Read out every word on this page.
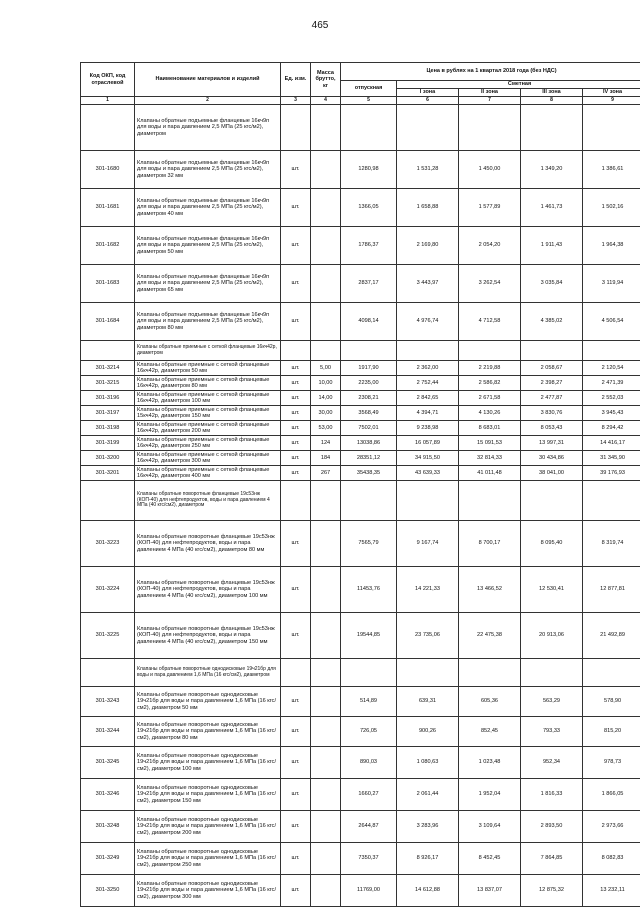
465
Код ОКП, код отраслевой	Наименование материалов и изделий	Ед. изм.	Масса брутто, кг	Цена в рублях на 1 квартал 2018 года (без НДС)				
				отпускная	Сметная			
					I зона	II зона	III зона	IV зона
1	2	3	4	5	6	7	8	9
	Клапаны обратные подъемные фланцевые 16кч9п для воды и пара давлением 2,5 МПа (25 кгс/м2), диаметром							
301-1680	Клапаны обратные подъемные фланцевые 16кч9п для воды и пара давлением 2,5 МПа (25 кгс/м2), диаметром 32 мм	шт.		1280,98	1 531,28	1 450,00	1 349,20	1 386,61
301-1681	Клапаны обратные подъемные фланцевые 16кч9п для воды и пара давлением 2,5 МПа (25 кгс/м2), диаметром 40 мм	шт.		1366,05	1 658,88	1 577,89	1 461,73	1 502,16
301-1682	Клапаны обратные подъемные фланцевые 16кч9п для воды и пара давлением 2,5 МПа (25 кгс/м2), диаметром 50 мм	шт.		1786,37	2 169,80	2 054,20	1 911,43	1 964,38
301-1683	Клапаны обратные подъемные фланцевые 16кч9п для воды и пара давлением 2,5 МПа (25 кгс/м2), диаметром 65 мм	шт.		2837,17	3 443,97	3 262,54	3 035,84	3 119,94
301-1684	Клапаны обратные подъемные фланцевые 16кч9п для воды и пара давлением 2,5 МПа (25 кгс/м2), диаметром 80 мм	шт.		4098,14	4 976,74	4 712,58	4 385,02	4 506,54
	Клапаны обратные приемные с сеткой фланцевые 16кч42р, диаметром							
301-3214	Клапаны обратные приемные с сеткой фланцевые 16кч42р, диаметром 50 мм	шт.	5,00	1917,90	2 362,00	2 219,88	2 058,67	2 120,54
301-3215	Клапаны обратные приемные с сеткой фланцевые 16кч42р, диаметром 80 мм	шт.	10,00	2235,00	2 752,44	2 586,82	2 398,27	2 471,39
301-3196	Клапаны обратные приемные с сеткой фланцевые 16кч42р, диаметром 100 мм	шт.	14,00	2308,21	2 842,65	2 671,58	2 477,87	2 552,03
301-3197	Клапаны обратные приемные с сеткой фланцевые 15кч42р, диаметром 150 мм	шт.	30,00	3568,49	4 394,71	4 130,26	3 830,76	3 945,43
301-3198	Клапаны обратные приемные с сеткой фланцевые 16кч42р, диаметром 200 мм	шт.	53,00	7502,01	9 238,98	8 683,01	8 053,43	8 294,42
301-3199	Клапаны обратные приемные с сеткой фланцевые 16кч42р, диаметром 250 мм	шт.	124	13038,86	16 057,89	15 091,53	13 997,31	14 416,17
301-3200	Клапаны обратные приемные с сеткой фланцевые 16кч42р, диаметром 300 мм	шт.	184	28351,12	34 915,50	32 814,33	30 434,86	31 345,90
301-3201	Клапаны обратные приемные с сеткой фланцевые 16кч42р, диаметром 400 мм	шт.	267	35438,35	43 639,33	41 011,48	38 041,00	39 176,93
	Клапаны обратные поворотные фланцевые 19с53нж (КОП-40) для нефтепродуктов, воды и пара давлением 4 МПа (40 кгс/см2), диаметром							
301-3223	Клапаны обратные поворотные фланцевые 19с53нж (КОП-40) для нефтепродуктов, воды и пара давлением 4 МПа (40 кгс/см2), диаметром 80 мм	шт.		7565,79	9 167,74	8 700,17	8 095,40	8 319,74
301-3224	Клапаны обратные поворотные фланцевые 19с53нж (КОП-40) для нефтепродуктов, воды и пара давлением 4 МПа (40 кгс/см2), диаметром 100 мм	шт.		11453,76	14 221,33	13 466,52	12 530,41	12 877,81
301-3225	Клапаны обратные поворотные фланцевые 19с53нж (КОП-40) для нефтепродуктов, воды и пара давлением 4 МПа (40 кгс/см2), диаметром 150 мм	шт.		19544,85	23 735,06	22 475,38	20 913,06	21 492,89
	Клапаны обратные поворотные однодисковые 19ч21бр для воды и пара давлением 1,6 МПа (16 кгс/см2), диаметром							
301-3243	Клапаны обратные поворотные однодисковые 19ч21бр для воды и пара давлением 1,6 МПа (16 кгс/см2), диаметром 50 мм	шт.		514,89	639,31	605,36	563,29	578,90
301-3244	Клапаны обратные поворотные однодисковые 19ч21бр для воды и пара давлением 1,6 МПа (16 кгс/см2), диаметром 80 мм	шт.		726,05	900,26	852,45	793,33	815,20
301-3245	Клапаны обратные поворотные однодисковые 19ч21бр для воды и пара давлением 1,6 МПа (16 кгс/см2), диаметром 100 мм	шт.		890,03	1 080,63	1 023,48	952,34	978,73
301-3246	Клапаны обратные поворотные однодисковые 19ч21бр для воды и пара давлением 1,6 МПа (16 кгс/см2), диаметром 150 мм	шт.		1660,27	2 061,44	1 952,04	1 816,33	1 866,05
301-3248	Клапаны обратные поворотные однодисковые 19ч21бр для воды и пара давлением 1,6 МПа (16 кгс/см2), диаметром 200 мм	шт.		2644,87	3 283,96	3 109,64	2 893,50	2 973,66
301-3249	Клапаны обратные поворотные однодисковые 19ч21бр для воды и пара давлением 1,6 МПа (16 кгс/см2), диаметром 250 мм	шт.		7350,37	8 926,17	8 452,45	7 864,85	8 082,83
301-3250	Клапаны обратные поворотные однодисковые 19ч21бр для воды и пара давлением 1,6 МПа (16 кгс/см2), диаметром 300 мм	шт.		11769,00	14 612,88	13 837,07	12 875,32	13 232,11
